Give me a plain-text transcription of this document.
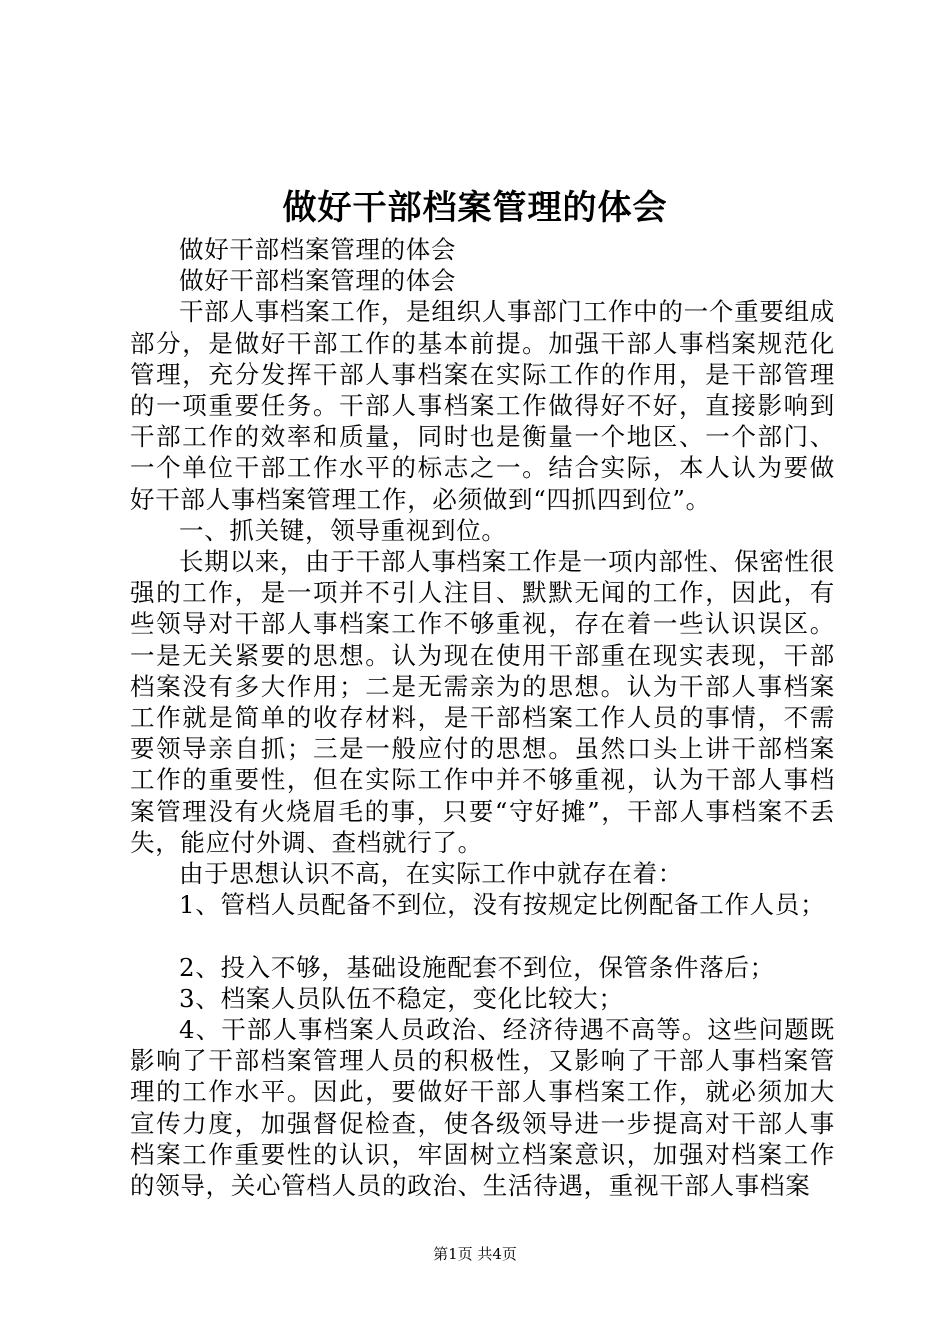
做好干部档案管理的体会

做好干部档案管理的体会

做好干部档案管理的体会

干部人事档案工作，是组织人事部门工作中的一个重要组成部分，是做好干部工作的基本前提。加强干部人事档案规范化管理，充分发挥干部人事档案在实际工作的作用，是干部管理的一项重要任务。干部人事档案工作做得好不好，直接影响到干部工作的效率和质量，同时也是衡量一个地区、一个部门、一个单位干部工作水平的标志之一。结合实际，本人认为要做好干部人事档案管理工作，必须做到“四抓四到位”。

一、抓关键，领导重视到位。

长期以来，由于干部人事档案工作是一项内部性、保密性很强的工作，是一项并不引人注目、默默无闻的工作，因此，有些领导对干部人事档案工作不够重视，存在着一些认识误区。一是无关紧要的思想。认为现在使用干部重在现实表现，干部档案没有多大作用；二是无需亲为的思想。认为干部人事档案工作就是简单的收存材料，是干部档案工作人员的事情，不需要领导亲自抓；三是一般应付的思想。虽然口头上讲干部档案工作的重要性，但在实际工作中并不够重视，认为干部人事档案管理没有火烧眉毛的事，只要“守好摊”，干部人事档案不丢失，能应付外调、查档就行了。

由于思想认识不高，在实际工作中就存在着：

1、管档人员配备不到位，没有按规定比例配备工作人员；

2、投入不够，基础设施配套不到位，保管条件落后；

3、档案人员队伍不稳定，变化比较大；

4、干部人事档案人员政治、经济待遇不高等。这些问题既影响了干部档案管理人员的积极性，又影响了干部人事档案管理的工作水平。因此，要做好干部人事档案工作，就必须加大宣传力度，加强督促检查，使各级领导进一步提高对干部人事档案工作重要性的认识，牢固树立档案意识，加强对档案工作的领导，关心管档人员的政治、生活待遇，重视干部人事档案

第1页 共4页
